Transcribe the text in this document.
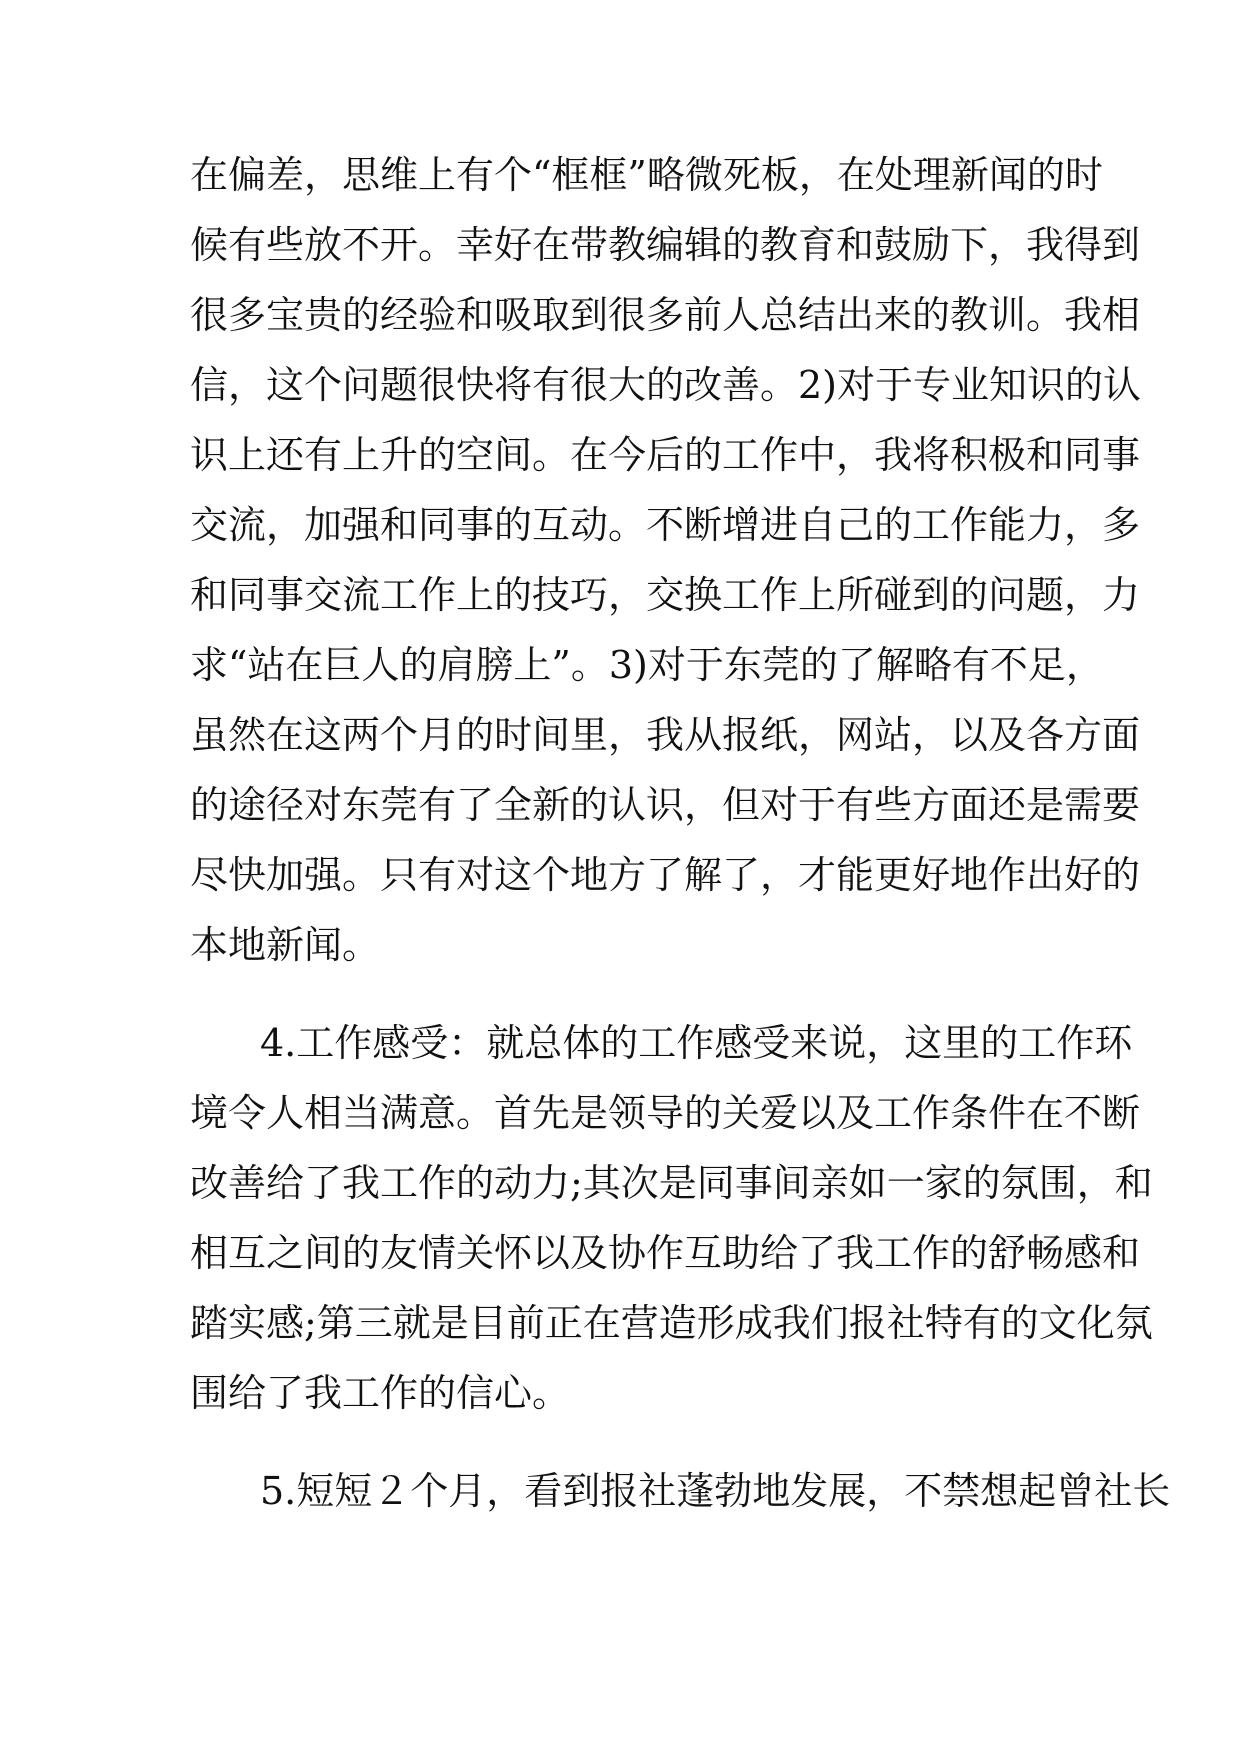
在偏差，思维上有个“框框”略微死板，在处理新闻的时
候有些放不开。幸好在带教编辑的教育和鼓励下，我得到
很多宝贵的经验和吸取到很多前人总结出来的教训。我相
信，这个问题很快将有很大的改善。2)对于专业知识的认
识上还有上升的空间。在今后的工作中，我将积极和同事
交流，加强和同事的互动。不断增进自己的工作能力，多
和同事交流工作上的技巧，交换工作上所碰到的问题，力
求“站在巨人的肩膀上”。3)对于东莞的了解略有不足，
虽然在这两个月的时间里，我从报纸，网站，以及各方面
的途径对东莞有了全新的认识，但对于有些方面还是需要
尽快加强。只有对这个地方了解了，才能更好地作出好的
本地新闻。
4.工作感受：就总体的工作感受来说，这里的工作环
境令人相当满意。首先是领导的关爱以及工作条件在不断
改善给了我工作的动力;其次是同事间亲如一家的氛围，和
相互之间的友情关怀以及协作互助给了我工作的舒畅感和
踏实感;第三就是目前正在营造形成我们报社特有的文化氛
围给了我工作的信心。
5.短短２个月，看到报社蓬勃地发展，不禁想起曾社长
